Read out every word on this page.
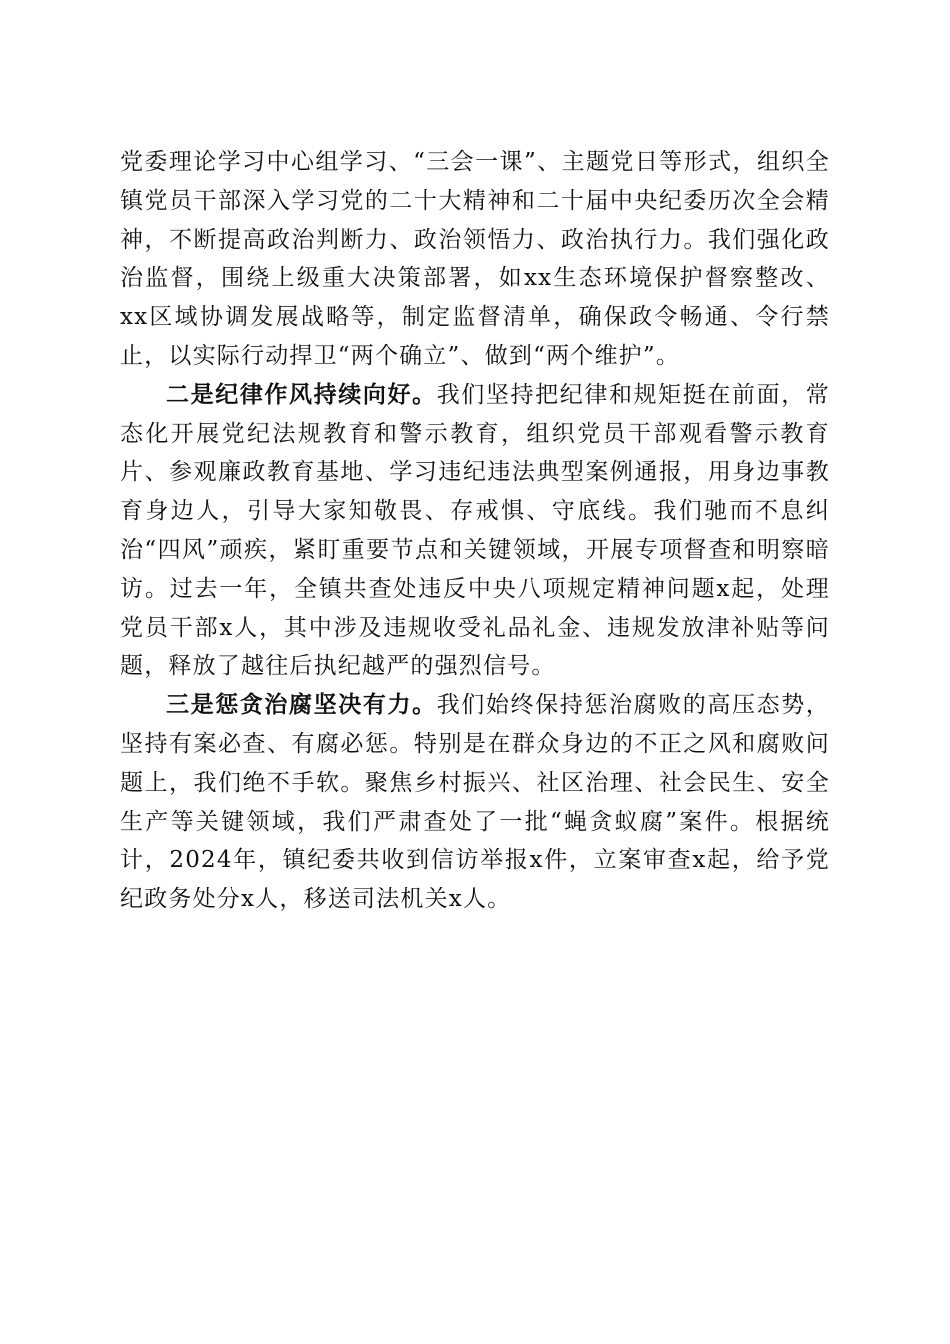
党委理论学习中心组学习、“三会一课”、主题党日等形式，组织全镇党员干部深入学习党的二十大精神和二十届中央纪委历次全会精神，不断提高政治判断力、政治领悟力、政治执行力。我们强化政治监督，围绕上级重大决策部署，如xx生态环境保护督察整改、xx区域协调发展战略等，制定监督清单，确保政令畅通、令行禁止，以实际行动捍卫“两个确立”、做到“两个维护”。

二是纪律作风持续向好。我们坚持把纪律和规矩挺在前面，常态化开展党纪法规教育和警示教育，组织党员干部观看警示教育片、参观廉政教育基地、学习违纪违法典型案例通报，用身边事教育身边人，引导大家知敬畏、存戒惧、守底线。我们驰而不息纠治“四风”顽疾，紧盯重要节点和关键领域，开展专项督查和明察暗访。过去一年，全镇共查处违反中央八项规定精神问题x起，处理党员干部x人，其中涉及违规收受礼品礼金、违规发放津补贴等问题，释放了越往后执纪越严的强烈信号。

三是惩贪治腐坚决有力。我们始终保持惩治腐败的高压态势，坚持有案必查、有腐必惩。特别是在群众身边的不正之风和腐败问题上，我们绝不手软。聚焦乡村振兴、社区治理、社会民生、安全生产等关键领域，我们严肃查处了一批“蝇贪蚁腐”案件。根据统计，2024年，镇纪委共收到信访举报x件，立案审查x起，给予党纪政务处分x人，移送司法机关x人。
